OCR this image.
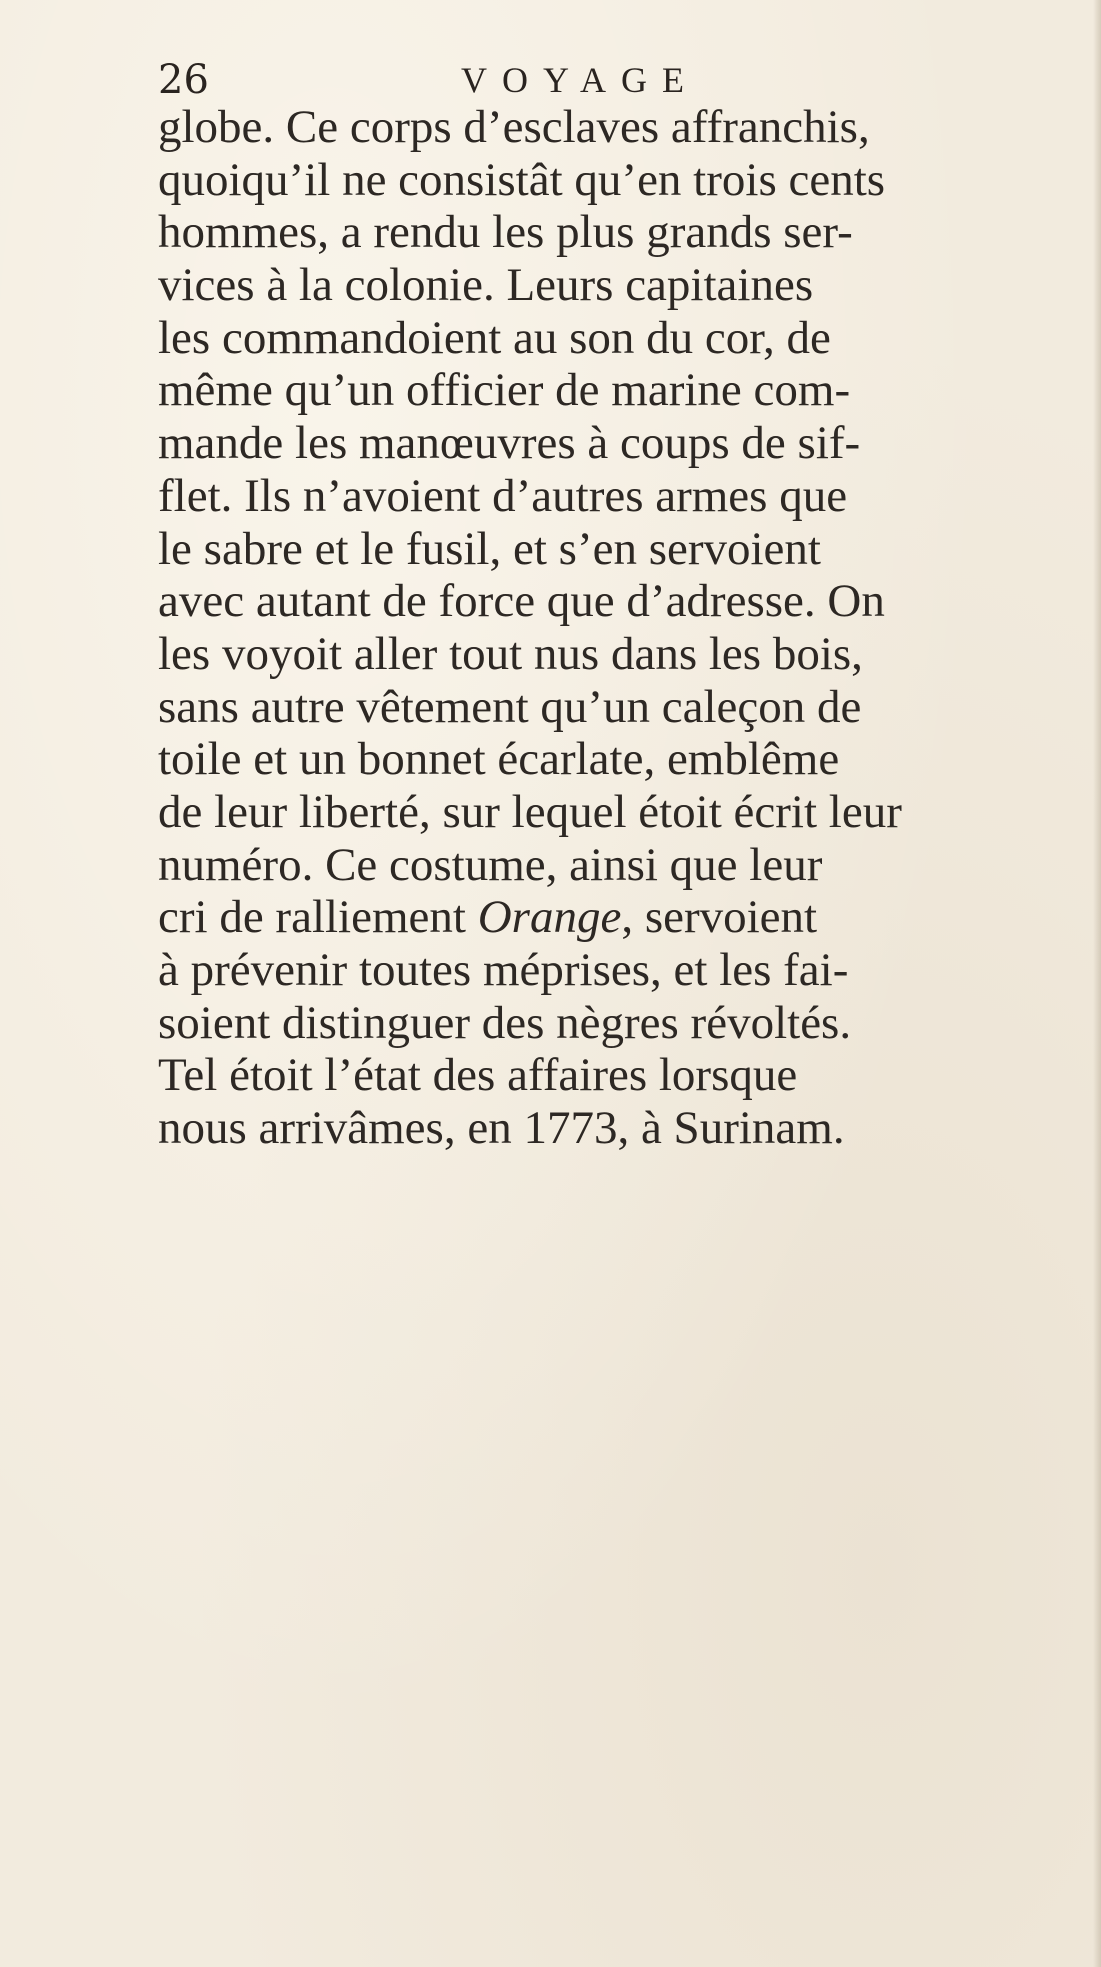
26	VOYAGE
globe. Ce corps d’esclaves affranchis,
quoiqu’il ne consistât qu’en trois cents
hommes, a rendu les plus grands ser-
vices à la colonie. Leurs capitaines
les commandoient au son du cor, de
même qu’un officier de marine com-
mande les manœuvres à coups de sif-
flet. Ils n’avoient d’autres armes que
le sabre et le fusil, et s’en servoient
avec autant de force que d’adresse. On
les voyoit aller tout nus dans les bois,
sans autre vêtement qu’un caleçon de
toile et un bonnet écarlate, emblême
de leur liberté, sur lequel étoit écrit leur
numéro. Ce costume, ainsi que leur
cri de ralliement Orange, servoient
à prévenir toutes méprises, et les fai-
soient distinguer des nègres révoltés.
Tel étoit l’état des affaires lorsque
nous arrivâmes, en 1773, à Surinam.
